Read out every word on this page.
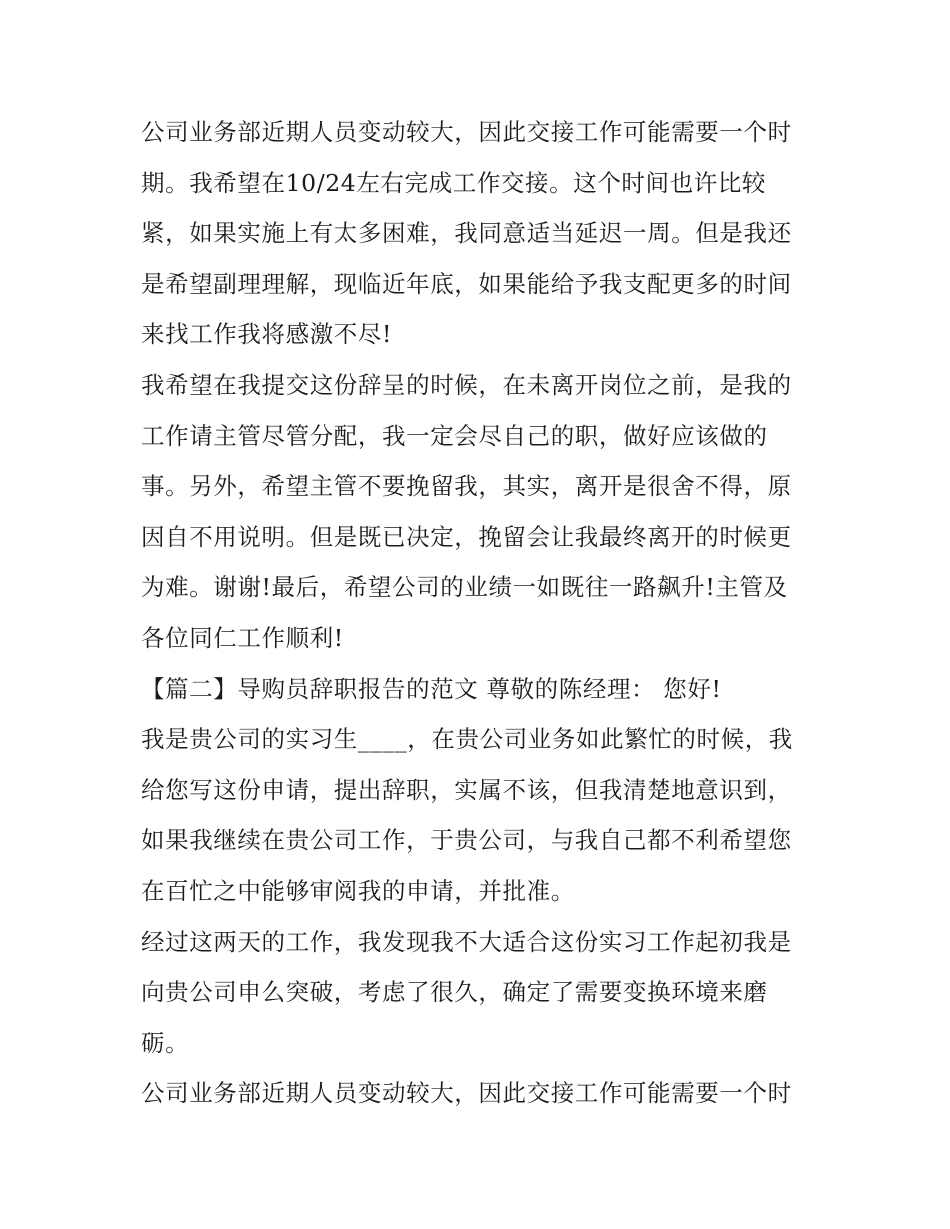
公司业务部近期人员变动较大，因此交接工作可能需要一个时
期。我希望在10/24左右完成工作交接。这个时间也许比较
紧，如果实施上有太多困难，我同意适当延迟一周。但是我还
是希望副理理解，现临近年底，如果能给予我支配更多的时间
来找工作我将感激不尽!
我希望在我提交这份辞呈的时候，在未离开岗位之前，是我的
工作请主管尽管分配，我一定会尽自己的职，做好应该做的
事。另外，希望主管不要挽留我，其实，离开是很舍不得，原
因自不用说明。但是既已决定，挽留会让我最终离开的时候更
为难。谢谢!最后，希望公司的业绩一如既往一路飙升!主管及
各位同仁工作顺利!
【篇二】导购员辞职报告的范文 尊敬的陈经理： 您好!
我是贵公司的实习生____，在贵公司业务如此繁忙的时候，我
给您写这份申请，提出辞职，实属不该，但我清楚地意识到，
如果我继续在贵公司工作，于贵公司，与我自己都不利希望您
在百忙之中能够审阅我的申请，并批准。
经过这两天的工作，我发现我不大适合这份实习工作起初我是
向贵公司申么突破，考虑了很久，确定了需要变换环境来磨
砺。
公司业务部近期人员变动较大，因此交接工作可能需要一个时
